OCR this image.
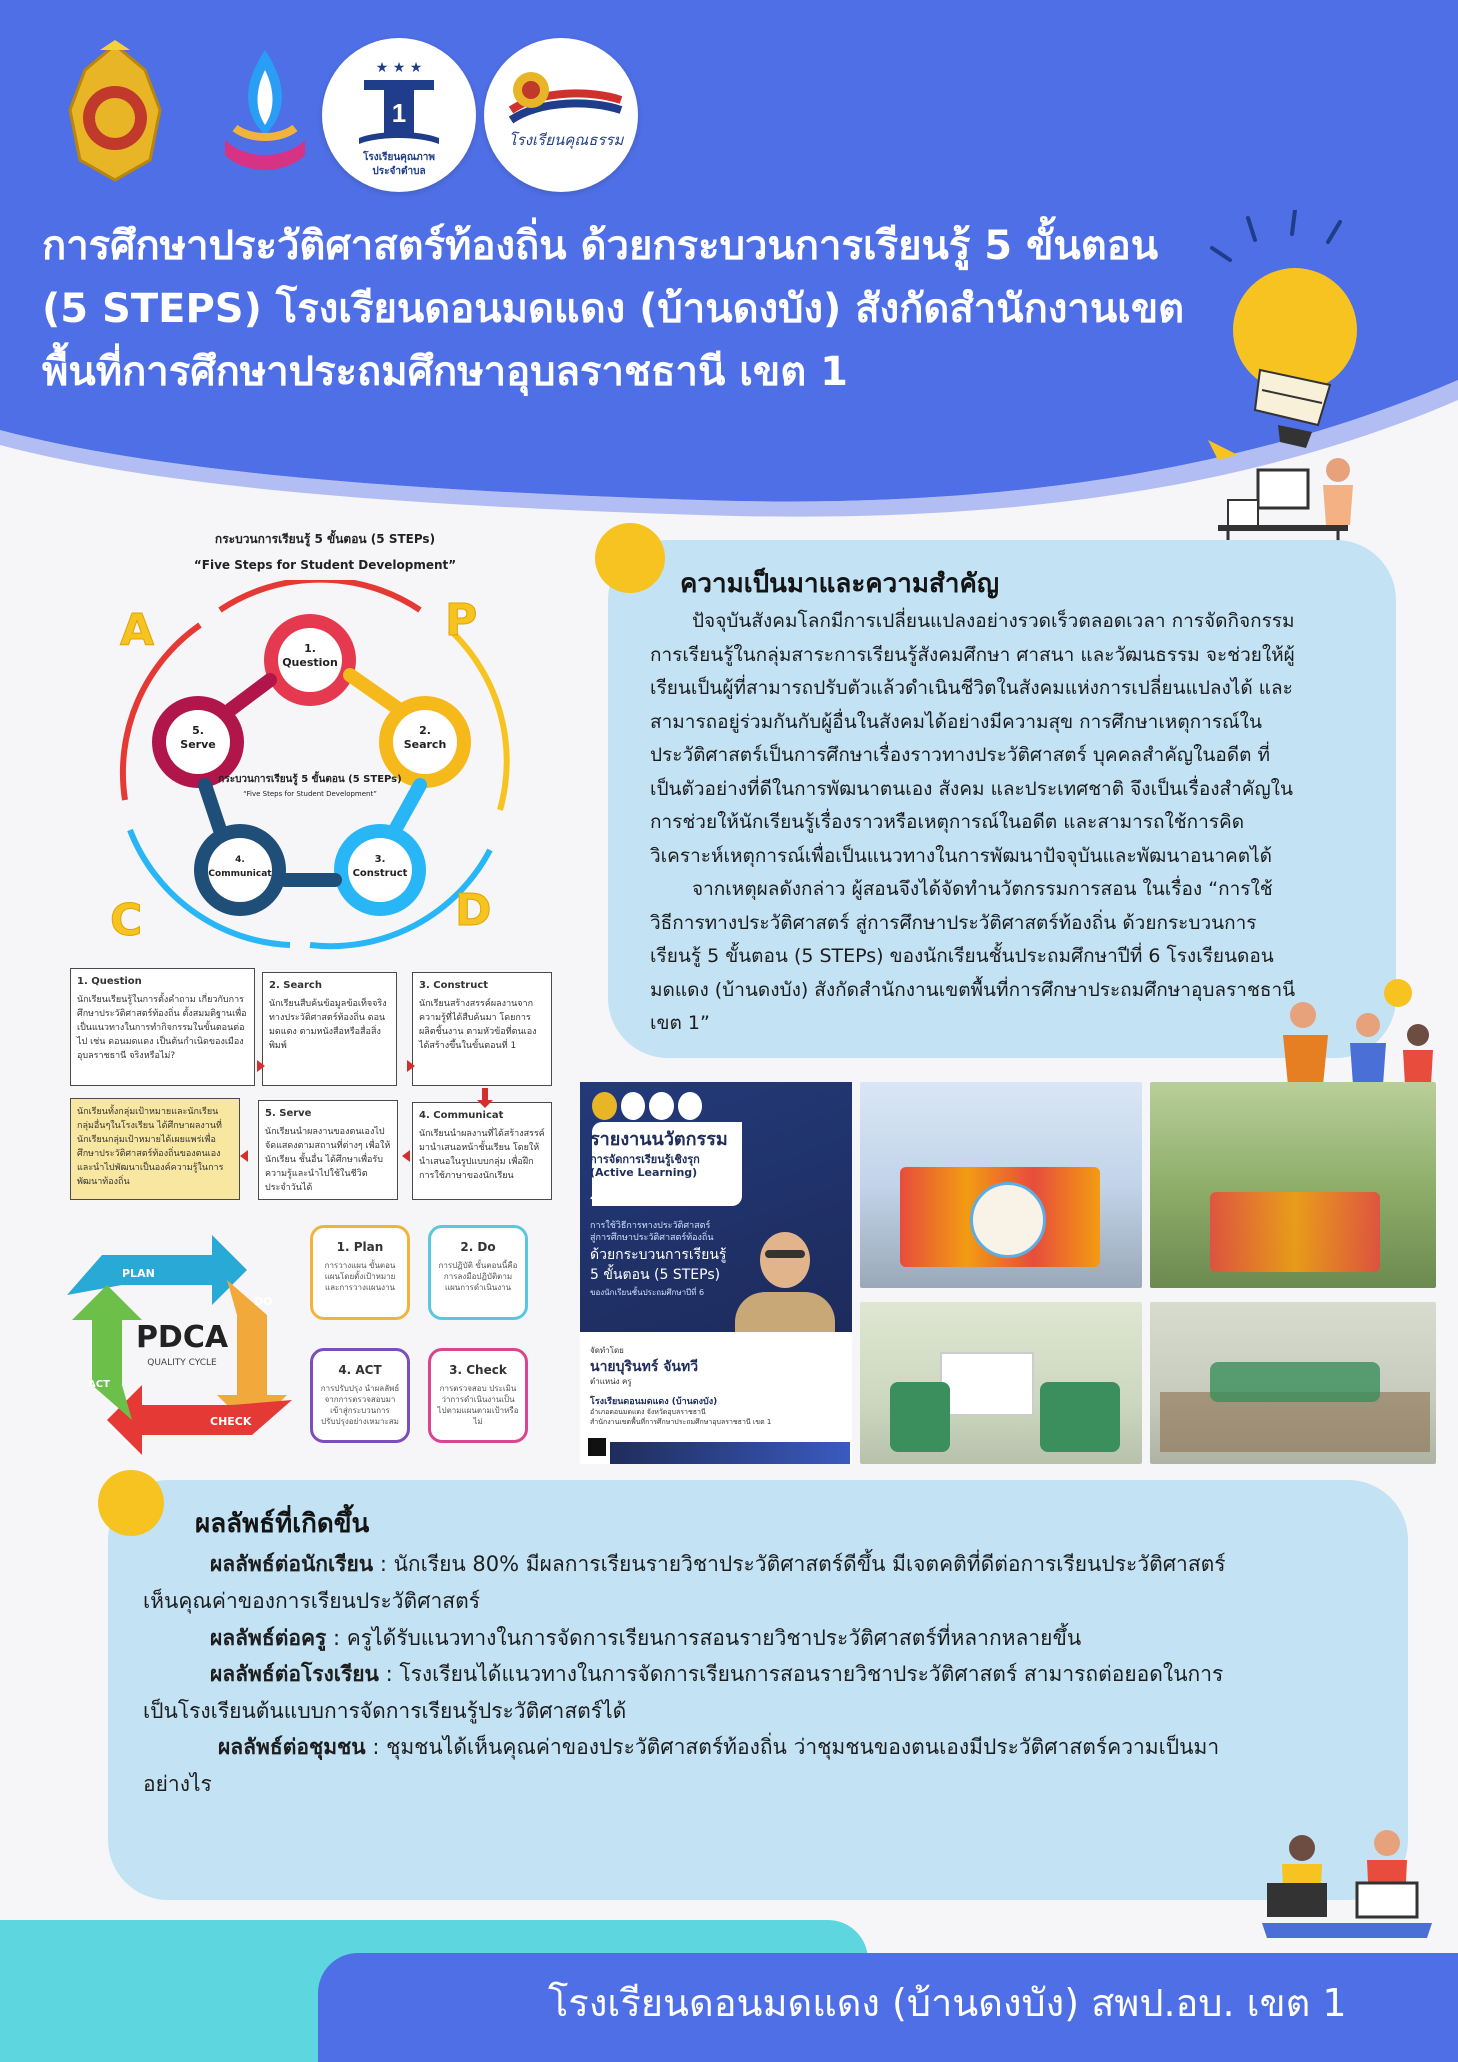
★ ★ ★
1
โรงเรียนคุณภาพ
ประจำตำบล
โรงเรียนคุณธรรม
การศึกษาประวัติศาสตร์ท้องถิ่น ด้วยกระบวนการเรียนรู้ 5 ขั้นตอน
(5 STEPS) โรงเรียนดอนมดแดง (บ้านดงบัง) สังกัดสำนักงานเขต
พื้นที่การศึกษาประถมศึกษาอุบลราชธานี เขต 1
กระบวนการเรียนรู้ 5 ขั้นตอน (5 STEPs)
“Five Steps for Student Development”
1. Question
2. Search
3. Construct
4. Communicat
5. Serve
กระบวนการเรียนรู้ 5 ขั้นตอน (5 STEPs)
“Five Steps for Student Development”
A	P
C	D
1. Question
นักเรียนเรียนรู้ในการตั้งคำถาม เกี่ยวกับการศึกษาประวัติศาสตร์ท้องถิ่น ตั้งสมมติฐานเพื่อเป็นแนวทางในการทำกิจกรรมในขั้นตอนต่อไป เช่น ดอนมดแดง เป็นต้นกำเนิดของเมืองอุบลราชธานี จริงหรือไม่?
2. Search
นักเรียนสืบค้นข้อมูลข้อเท็จจริงทางประวัติศาสตร์ท้องถิ่น ดอนมดแดง ตามหนังสือหรือสื่อสิ่งพิมพ์
3. Construct
นักเรียนสร้างสรรค์ผลงานจากความรู้ที่ได้สืบค้นมา โดยการผลิตชิ้นงาน ตามหัวข้อที่ตนเองได้สร้างขึ้นในขั้นตอนที่ 1
นักเรียนทั้งกลุ่มเป้าหมายและนักเรียนกลุ่มอื่นๆในโรงเรียน ได้ศึกษาผลงานที่นักเรียนกลุ่มเป้าหมายได้เผยแพร่เพื่อศึกษาประวัติศาสตร์ท้องถิ่นของตนเอง และนำไปพัฒนาเป็นองค์ความรู้ในการพัฒนาท้องถิ่น
5. Serve
นักเรียนนำผลงานของตนเองไปจัดแสดงตามสถานที่ต่างๆ เพื่อให้นักเรียน ชั้นอื่น ได้ศึกษาเพื่อรับความรู้และนำไปใช้ในชีวิตประจำวันได้
4. Communicat
นักเรียนนำผลงานที่ได้สร้างสรรค์ มานำเสนอหน้าชั้นเรียน โดยให้นำเสนอในรูปแบบกลุ่ม เพื่อฝึกการใช้ภาษาของนักเรียน
PLAN
DO
CHECK
ACT
PDCA
QUALITY CYCLE
1. Plan
การวางแผน ขั้นตอนแผนโดยตั้งเป้าหมายและการวางแผนงาน
2. Do
การปฏิบัติ ขั้นตอนนี้คือการลงมือปฏิบัติตามแผนการดำเนินงาน
4. ACT
การปรับปรุง นำผลลัพธ์จากการตรวจสอบมาเข้าสู่กระบวนการปรับปรุงอย่างเหมาะสม
3. Check
การตรวจสอบ ประเมินว่าการดำเนินงานเป็นไปตามแผนตามเป้าหรือไม่
ความเป็นมาและความสำคัญ
ปัจจุบันสังคมโลกมีการเปลี่ยนแปลงอย่างรวดเร็วตลอดเวลา การจัดกิจกรรม
การเรียนรู้ในกลุ่มสาระการเรียนรู้สังคมศึกษา ศาสนา และวัฒนธรรม จะช่วยให้ผู้
เรียนเป็นผู้ที่สามารถปรับตัวแล้วดำเนินชีวิตในสังคมแห่งการเปลี่ยนแปลงได้ และ
สามารถอยู่ร่วมกันกับผู้อื่นในสังคมได้อย่างมีความสุข การศึกษาเหตุการณ์ใน
ประวัติศาสตร์เป็นการศึกษาเรื่องราวทางประวัติศาสตร์ บุคคลสำคัญในอดีต ที่
เป็นตัวอย่างที่ดีในการพัฒนาตนเอง สังคม และประเทศชาติ จึงเป็นเรื่องสำคัญใน
การช่วยให้นักเรียนรู้เรื่องราวหรือเหตุการณ์ในอดีต และสามารถใช้การคิด
วิเคราะห์เหตุการณ์เพื่อเป็นแนวทางในการพัฒนาปัจจุบันและพัฒนาอนาคตได้
จากเหตุผลดังกล่าว ผู้สอนจึงได้จัดทำนวัตกรรมการสอน ในเรื่อง “การใช้
วิธีการทางประวัติศาสตร์ สู่การศึกษาประวัติศาสตร์ท้องถิ่น ด้วยกระบวนการ
เรียนรู้ 5 ขั้นตอน (5 STEPs) ของนักเรียนชั้นประถมศึกษาปีที่ 6 โรงเรียนดอน
มดแดง (บ้านดงบัง) สังกัดสำนักงานเขตพื้นที่การศึกษาประถมศึกษาอุบลราชธานี
เขต 1”
รายงานนวัตกรรม
การจัดการเรียนรู้เชิงรุก
(Active Learning)
รายวิชาประวัติศาสตร์
การใช้วิธีการทางประวัติศาสตร์
สู่การศึกษาประวัติศาสตร์ท้องถิ่น
ด้วยกระบวนการเรียนรู้
5 ขั้นตอน (5 STEPs)
ของนักเรียนชั้นประถมศึกษาปีที่ 6
จัดทำโดย
นายบุรินทร์ จันทวี
ตำแหน่ง ครู
โรงเรียนดอนมดแดง (บ้านดงบัง)
อำเภอดอนมดแดง จังหวัดอุบลราชธานี
สำนักงานเขตพื้นที่การศึกษาประถมศึกษาอุบลราชธานี เขต 1
ผลลัพธ์ที่เกิดขึ้น
ผลลัพธ์ต่อนักเรียน : นักเรียน 80% มีผลการเรียนรายวิชาประวัติศาสตร์ดีขึ้น มีเจตคติที่ดีต่อการเรียนประวัติศาสตร์
เห็นคุณค่าของการเรียนประวัติศาสตร์
ผลลัพธ์ต่อครู : ครูได้รับแนวทางในการจัดการเรียนการสอนรายวิชาประวัติศาสตร์ที่หลากหลายขึ้น
ผลลัพธ์ต่อโรงเรียน : โรงเรียนได้แนวทางในการจัดการเรียนการสอนรายวิชาประวัติศาสตร์ สามารถต่อยอดในการ
เป็นโรงเรียนต้นแบบการจัดการเรียนรู้ประวัติศาสตร์ได้
ผลลัพธ์ต่อชุมชน : ชุมชนได้เห็นคุณค่าของประวัติศาสตร์ท้องถิ่น ว่าชุมชนของตนเองมีประวัติศาสตร์ความเป็นมา
อย่างไร
โรงเรียนดอนมดแดง (บ้านดงบัง) สพป.อบ. เขต 1
